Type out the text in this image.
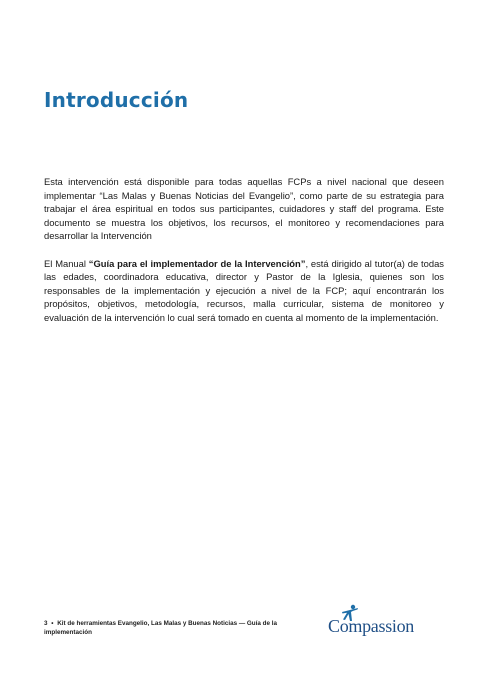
Introducción

Esta intervención está disponible para todas aquellas FCPs a nivel nacional que deseen implementar “Las Malas y Buenas Noticias del Evangelio”, como parte de su estrategia para trabajar el área espiritual en todos sus participantes, cuidadores y staff del programa. Este documento se muestra los objetivos, los recursos, el monitoreo y recomendaciones para desarrollar la Intervención

El Manual “Guía para el implementador de la Intervención”, está dirigido al tutor(a) de todas las edades, coordinadora educativa, director y Pastor de la Iglesia, quienes son los responsables de la implementación y ejecución a nivel de la FCP; aquí encontrarán los propósitos, objetivos, metodología, recursos, malla curricular, sistema de monitoreo y evaluación de la intervención lo cual será tomado en cuenta al momento de la implementación.

3 • Kit de herramientas Evangelio, Las Malas y Buenas Noticias — Guía de la implementación	Compassion
